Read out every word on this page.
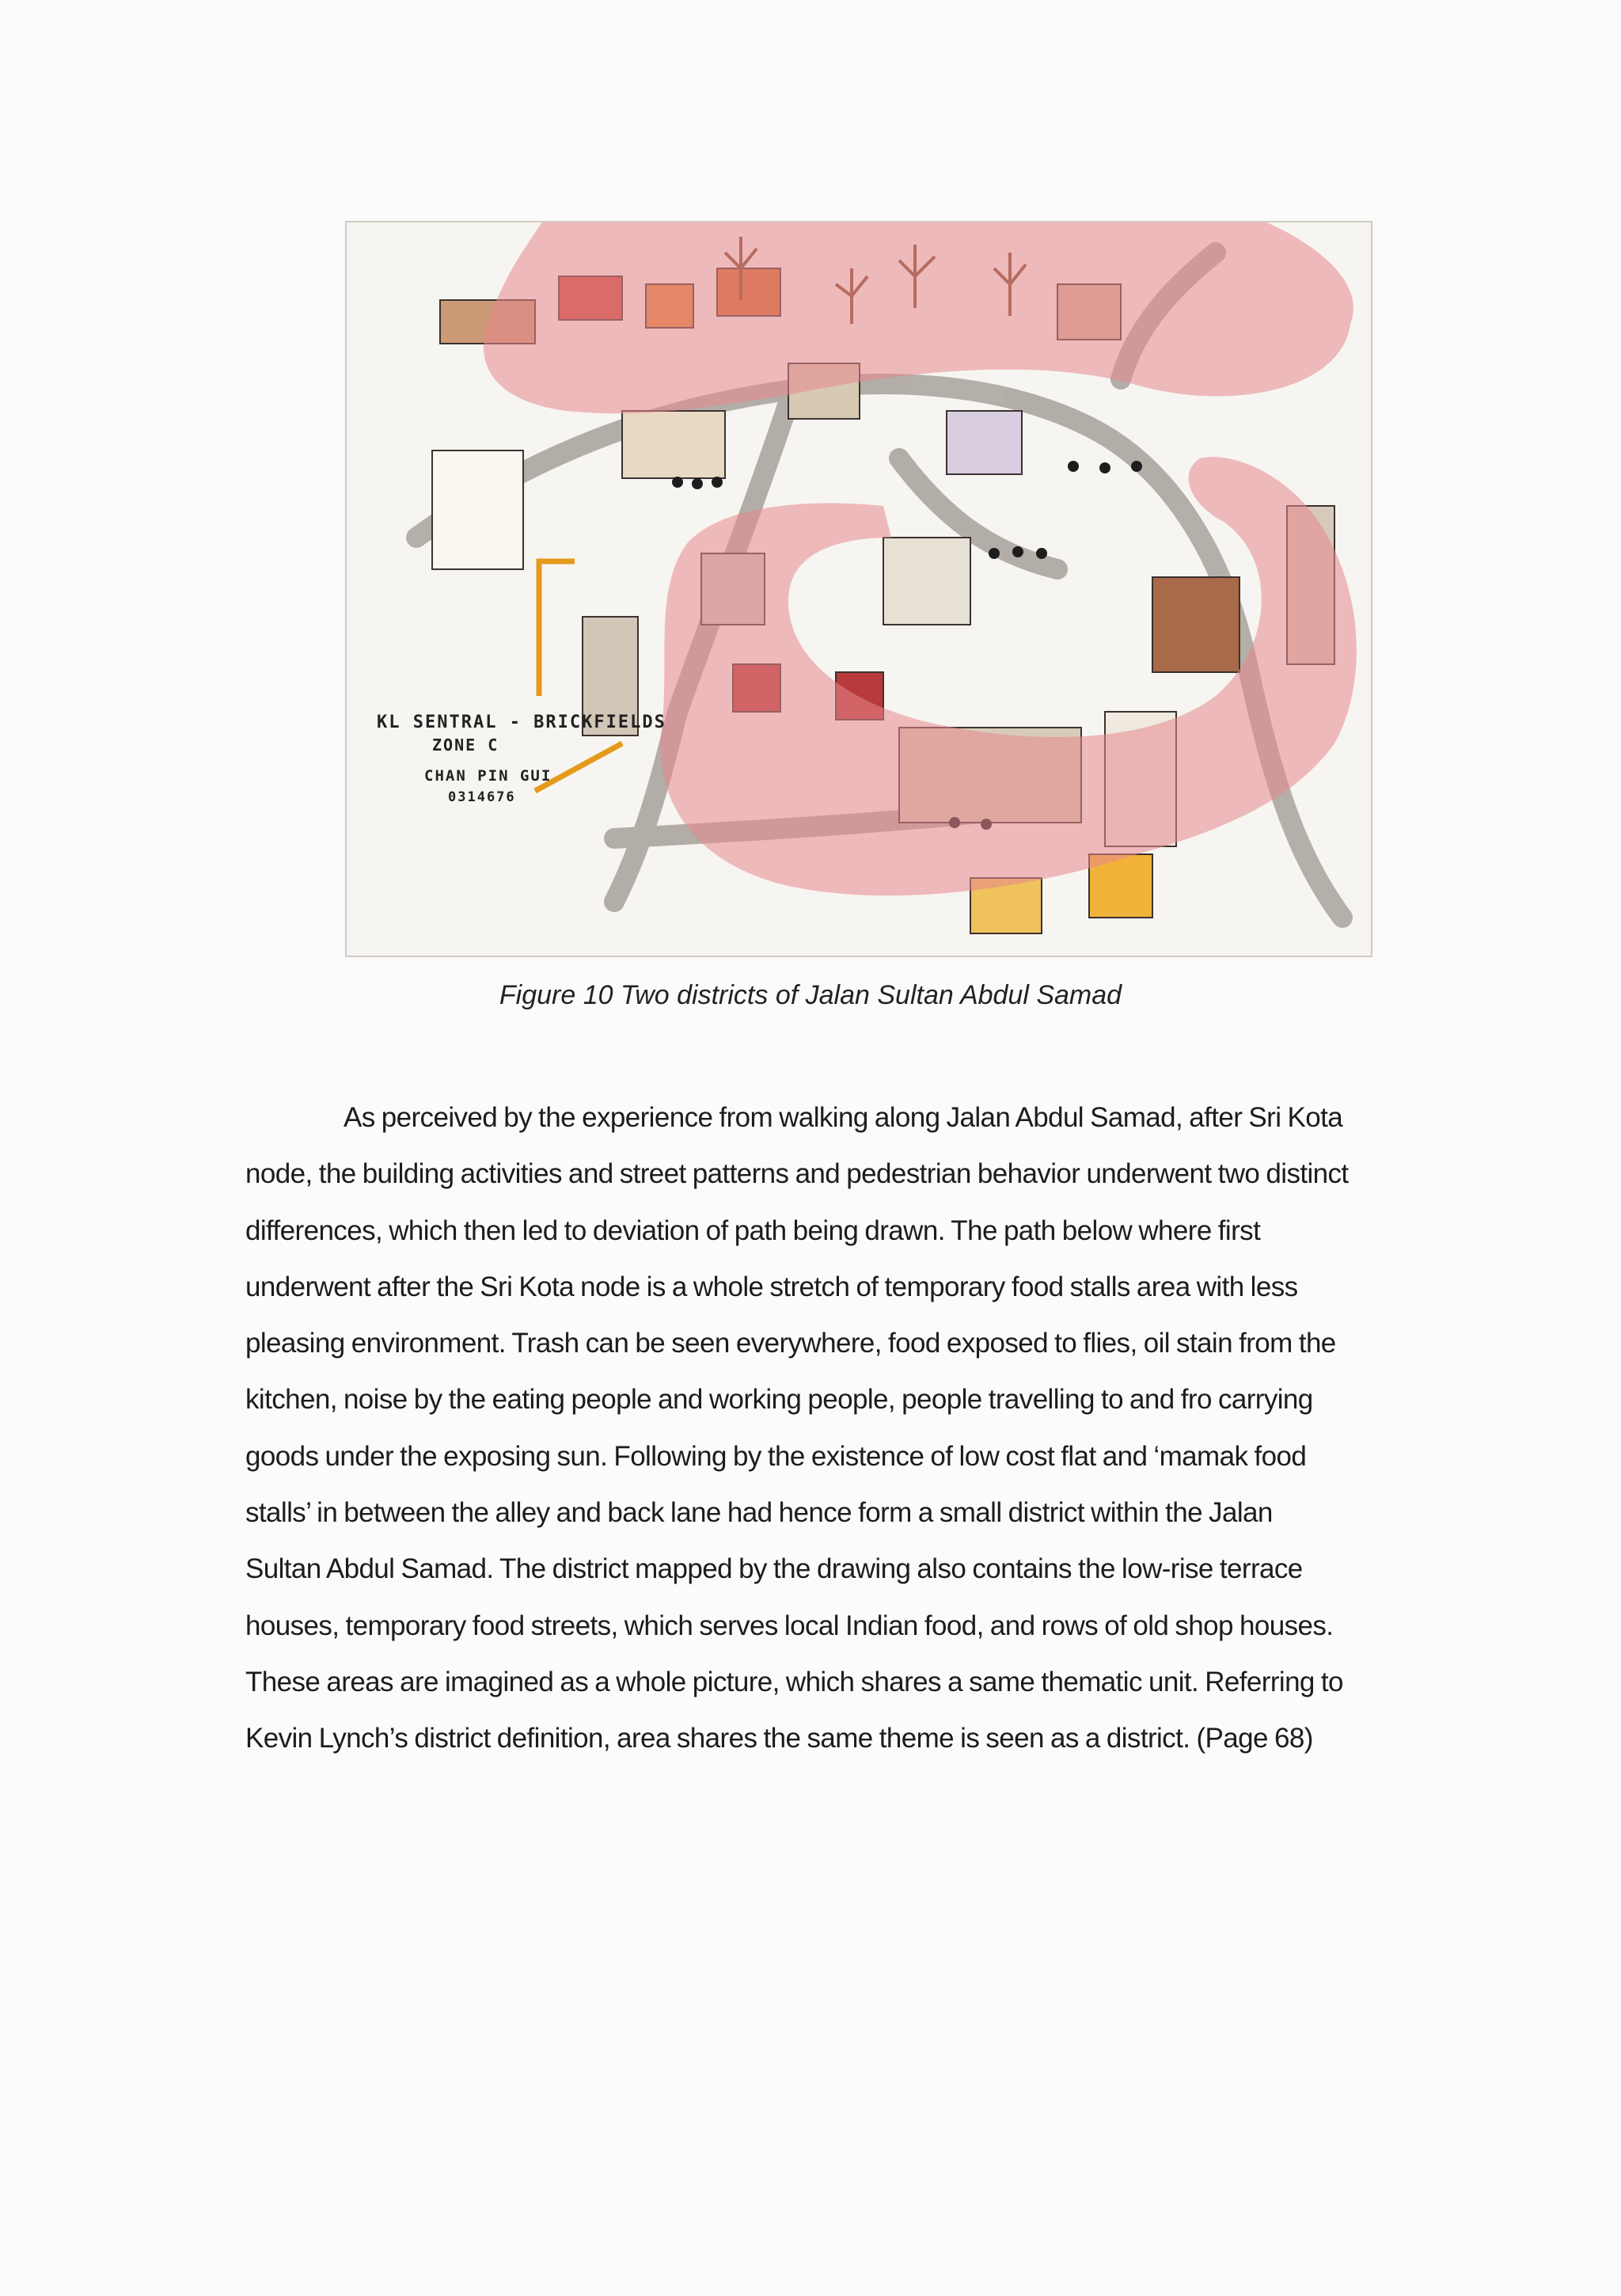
KL SENTRAL - BRICKFIELDS
ZONE C
CHAN PIN GUI
0314676
Figure 10 Two districts of Jalan Sultan Abdul Samad
As perceived by the experience from walking along Jalan Abdul Samad, after Sri Kota
node, the building activities and street patterns and pedestrian behavior underwent two distinct
differences, which then led to deviation of path being drawn. The path below where first
underwent after the Sri Kota node is a whole stretch of temporary food stalls area with less
pleasing environment. Trash can be seen everywhere, food exposed to flies, oil stain from the
kitchen, noise by the eating people and working people, people travelling to and fro carrying
goods under the exposing sun. Following by the existence of low cost flat and ‘mamak food
stalls’ in between the alley and back lane had hence form a small district within the Jalan
Sultan Abdul Samad. The district mapped by the drawing also contains the low-rise terrace
houses, temporary food streets, which serves local Indian food, and rows of old shop houses.
These areas are imagined as a whole picture, which shares a same thematic unit. Referring to
Kevin Lynch’s district definition, area shares the same theme is seen as a district. (Page 68)
